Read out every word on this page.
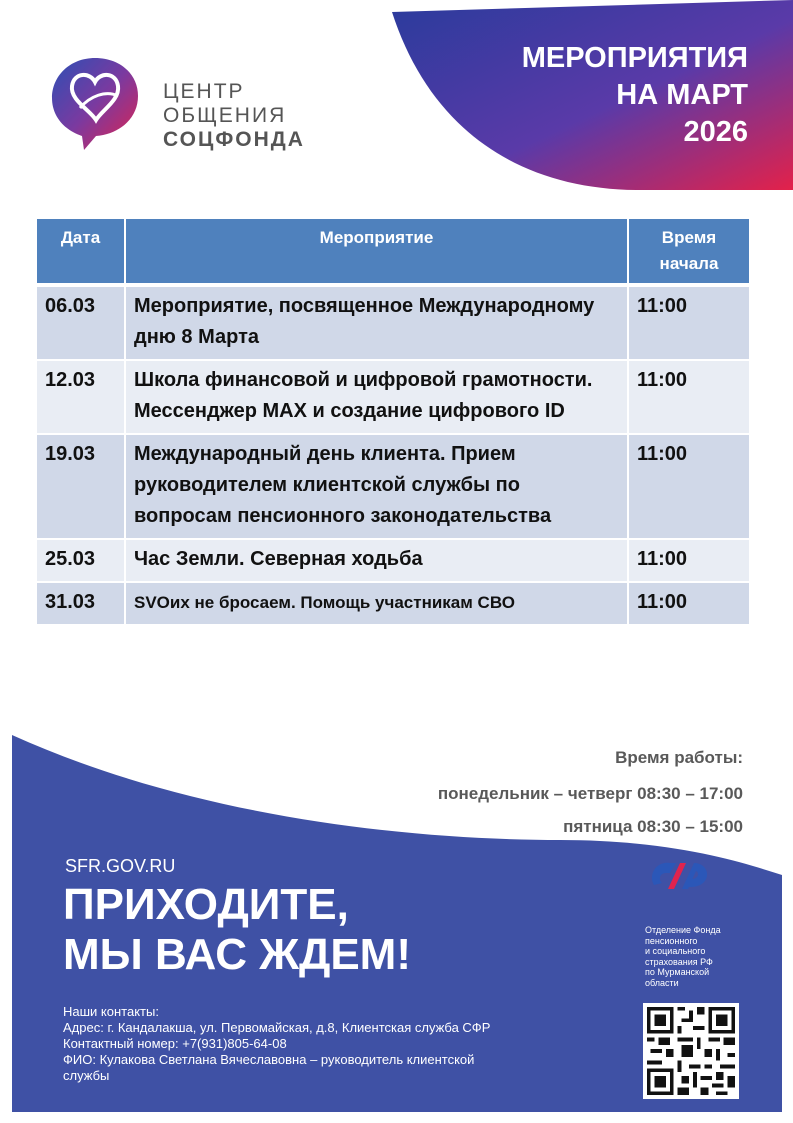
МЕРОПРИЯТИЯ
НА МАРТ
2026
ЦЕНТР
ОБЩЕНИЯ
СОЦФОНДА
Дата	Мероприятие	Время начала
06.03	Мероприятие, посвященное Международному дню 8 Марта	11:00
12.03	Школа финансовой и цифровой грамотности. Мессенджер MAX и создание цифрового ID	11:00
19.03	Международный день клиента. Прием руководителем клиентской службы по вопросам пенсионного законодательства	11:00
25.03	Час Земли. Северная ходьба	11:00
31.03	SVOих не бросаем. Помощь участникам СВО	11:00
Время работы:
понедельник – четверг 08:30 – 17:00
пятница 08:30 – 15:00
SFR.GOV.RU
ПРИХОДИТЕ,
МЫ ВАС ЖДЕМ!
Наши контакты:
Адрес: г. Кандалакша, ул. Первомайская, д.8, Клиентская служба СФР
Контактный номер: +7(931)805-64-08
ФИО: Кулакова Светлана Вячеславовна – руководитель клиентской
службы
Отделение Фонда
пенсионного
и социального
страхования РФ
по Мурманской
области
